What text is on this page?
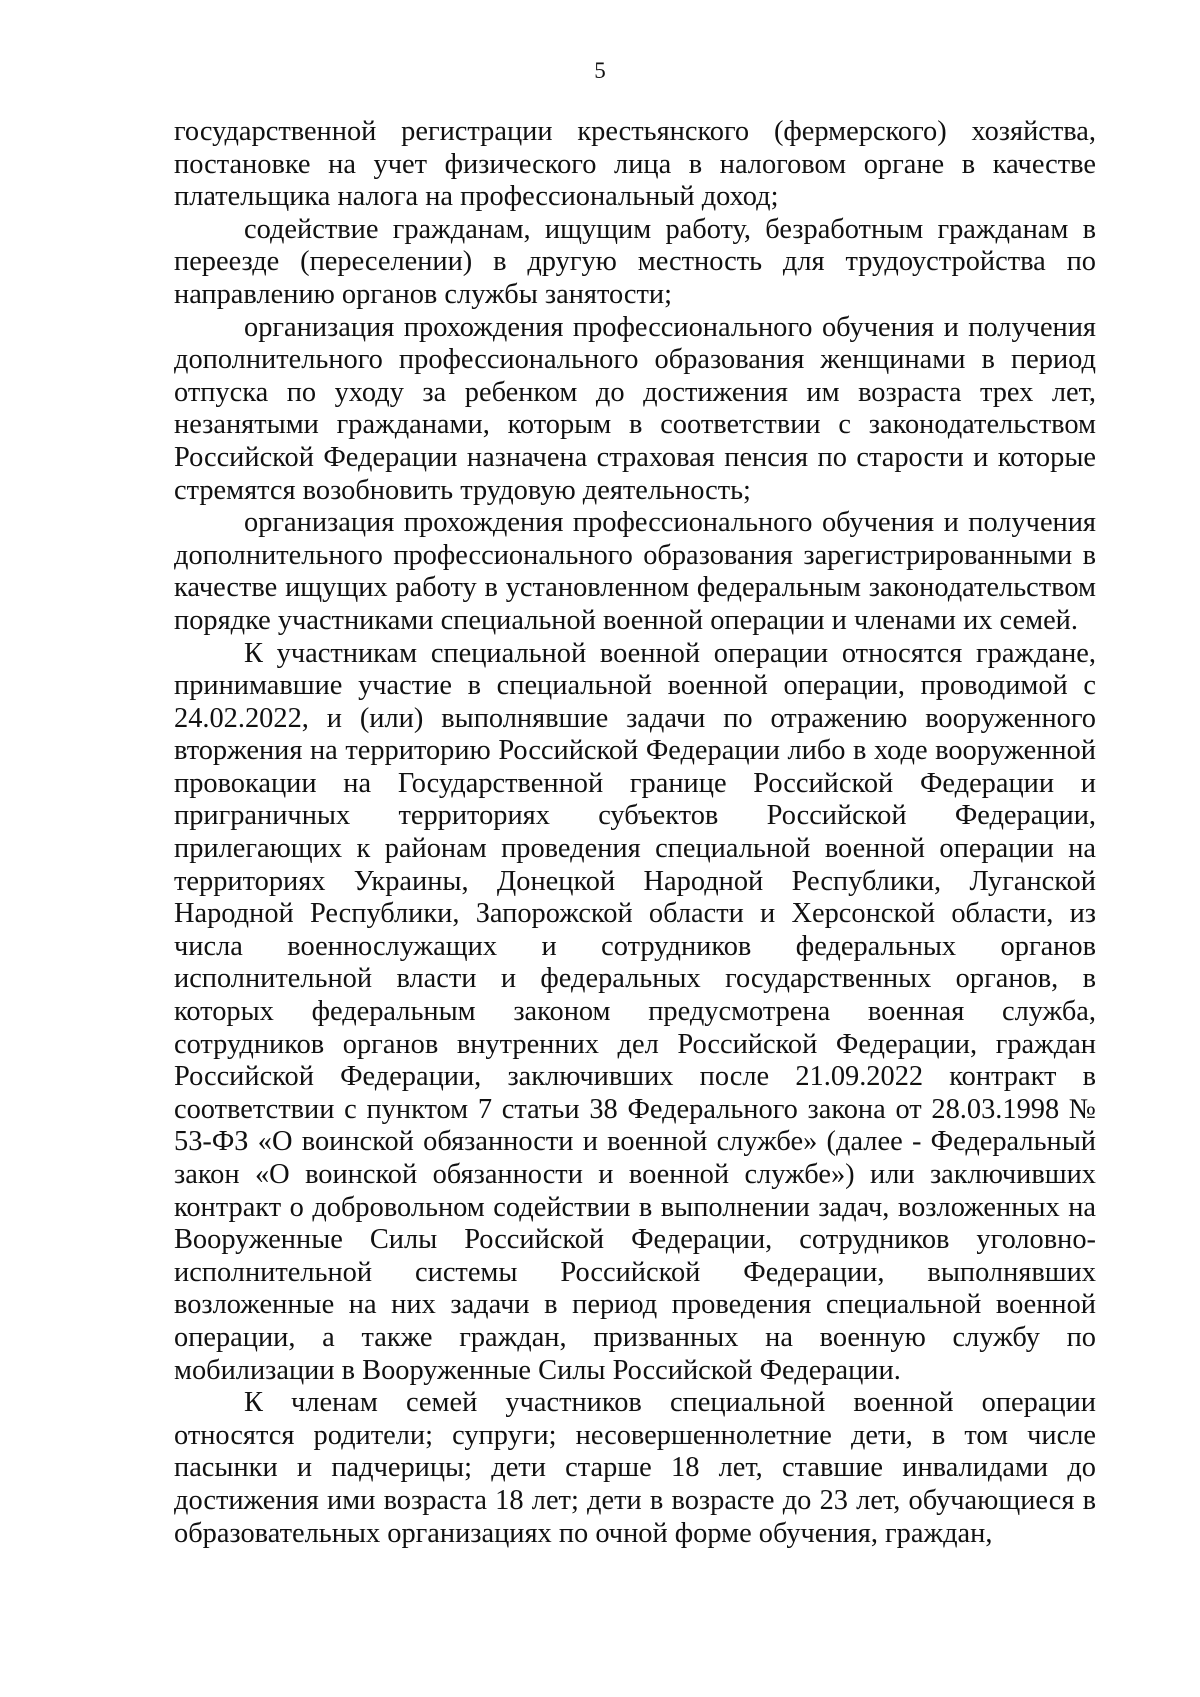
5

государственной регистрации крестьянского (фермерского) хозяйства, постановке на учет физического лица в налоговом органе в качестве плательщика налога на профессиональный доход;

содействие гражданам, ищущим работу, безработным гражданам в переезде (переселении) в другую местность для трудоустройства по направлению органов службы занятости;

организация прохождения профессионального обучения и получения дополнительного профессионального образования женщинами в период отпуска по уходу за ребенком до достижения им возраста трех лет, незанятыми гражданами, которым в соответствии с законодательством Российской Федерации назначена страховая пенсия по старости и которые стремятся возобновить трудовую деятельность;

организация прохождения профессионального обучения и получения дополнительного профессионального образования зарегистрированными в качестве ищущих работу в установленном федеральным законодательством порядке участниками специальной военной операции и членами их семей.

К участникам специальной военной операции относятся граждане, принимавшие участие в специальной военной операции, проводимой с 24.02.2022, и (или) выполнявшие задачи по отражению вооруженного вторжения на территорию Российской Федерации либо в ходе вооруженной провокации на Государственной границе Российской Федерации и приграничных территориях субъектов Российской Федерации, прилегающих к районам проведения специальной военной операции на территориях Украины, Донецкой Народной Республики, Луганской Народной Республики, Запорожской области и Херсонской области, из числа военнослужащих и сотрудников федеральных органов исполнительной власти и федеральных государственных органов, в которых федеральным законом предусмотрена военная служба, сотрудников органов внутренних дел Российской Федерации, граждан Российской Федерации, заключивших после 21.09.2022 контракт в соответствии с пунктом 7 статьи 38 Федерального закона от 28.03.1998 № 53-ФЗ «О воинской обязанности и военной службе» (далее - Федеральный закон «О воинской обязанности и военной службе») или заключивших контракт о добровольном содействии в выполнении задач, возложенных на Вооруженные Силы Российской Федерации, сотрудников уголовно-исполнительной системы Российской Федерации, выполнявших возложенные на них задачи в период проведения специальной военной операции, а также граждан, призванных на военную службу по мобилизации в Вооруженные Силы Российской Федерации.

К членам семей участников специальной военной операции относятся родители; супруги; несовершеннолетние дети, в том числе пасынки и падчерицы; дети старше 18 лет, ставшие инвалидами до достижения ими возраста 18 лет; дети в возрасте до 23 лет, обучающиеся в образовательных организациях по очной форме обучения, граждан,
